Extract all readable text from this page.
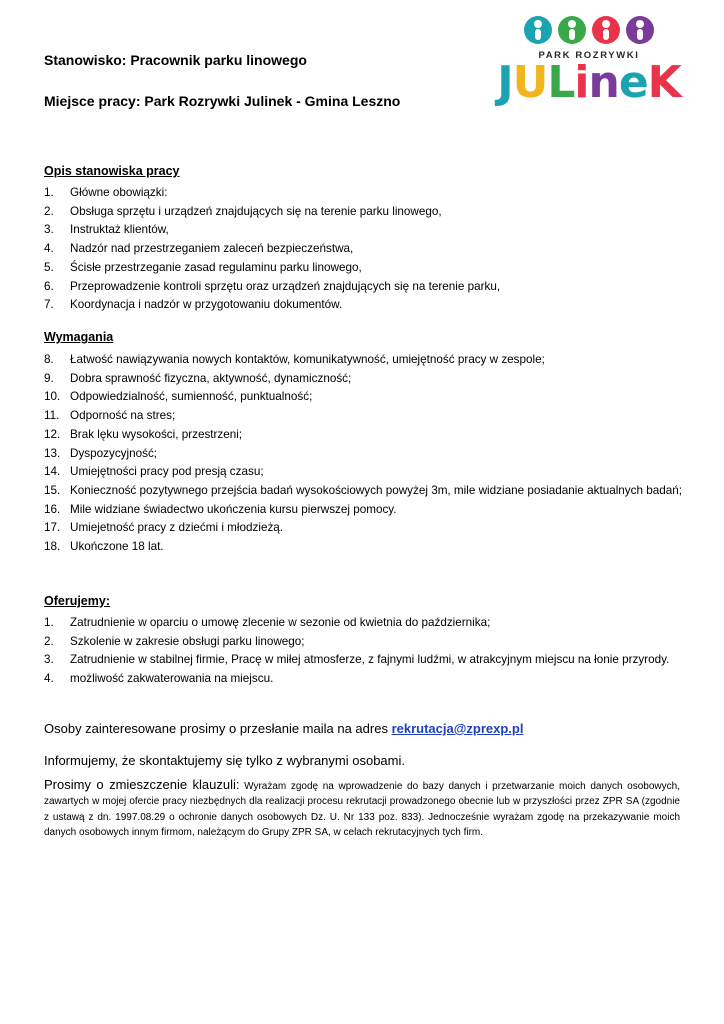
Stanowisko: Pracownik parku linowego
Miejsce pracy: Park Rozrywki Julinek - Gmina Leszno
PARK ROZRYWKI
J U L i n e K
Opis stanowiska pracy
1. Główne obowiązki:
2. Obsługa sprzętu i urządzeń znajdujących się na terenie parku linowego,
3. Instruktaż klientów,
4. Nadzór nad przestrzeganiem zaleceń bezpieczeństwa,
5. Ścisłe przestrzeganie zasad regulaminu parku linowego,
6. Przeprowadzenie kontroli sprzętu oraz urządzeń znajdujących się na terenie parku,
7. Koordynacja i nadzór w przygotowaniu dokumentów.
Wymagania
8. Łatwość nawiązywania nowych kontaktów, komunikatywność, umiejętność pracy w zespole;
9. Dobra sprawność fizyczna, aktywność, dynamiczność;
10. Odpowiedzialność, sumienność, punktualność;
11. Odporność na stres;
12. Brak lęku wysokości, przestrzeni;
13. Dyspozycyjność;
14. Umiejętności pracy pod presją czasu;
15. Konieczność pozytywnego przejścia badań wysokościowych powyżej 3m, mile widziane posiadanie aktualnych badań;
16. Mile widziane świadectwo ukończenia kursu pierwszej pomocy.
17. Umiejetność pracy z dziećmi i młodzieżą.
18. Ukończone 18 lat.
Oferujemy:
1. Zatrudnienie w oparciu o umowę zlecenie w sezonie od kwietnia do października;
2. Szkolenie w zakresie obsługi parku linowego;
3. Zatrudnienie w stabilnej firmie, Pracę w miłej atmosferze, z fajnymi ludźmi, w atrakcyjnym miejscu na łonie przyrody.
4. możliwość zakwaterowania na miejscu.
Osoby zainteresowane prosimy o przesłanie maila na adres rekrutacja@zprexp.pl
Informujemy, że skontaktujemy się tylko z wybranymi osobami.
Prosimy o zmieszczenie klauzuli: Wyrażam zgodę na wprowadzenie do bazy danych i przetwarzanie moich danych osobowych, zawartych w mojej ofercie pracy niezbędnych dla realizacji procesu rekrutacji prowadzonego obecnie lub w przyszłości przez ZPR SA (zgodnie z ustawą z dn. 1997.08.29 o ochronie danych osobowych Dz. U. Nr 133 poz. 833). Jednocześnie wyrażam zgodę na przekazywanie moich danych osobowych innym firmom, należącym do Grupy ZPR SA, w celach rekrutacyjnych tych firm.
